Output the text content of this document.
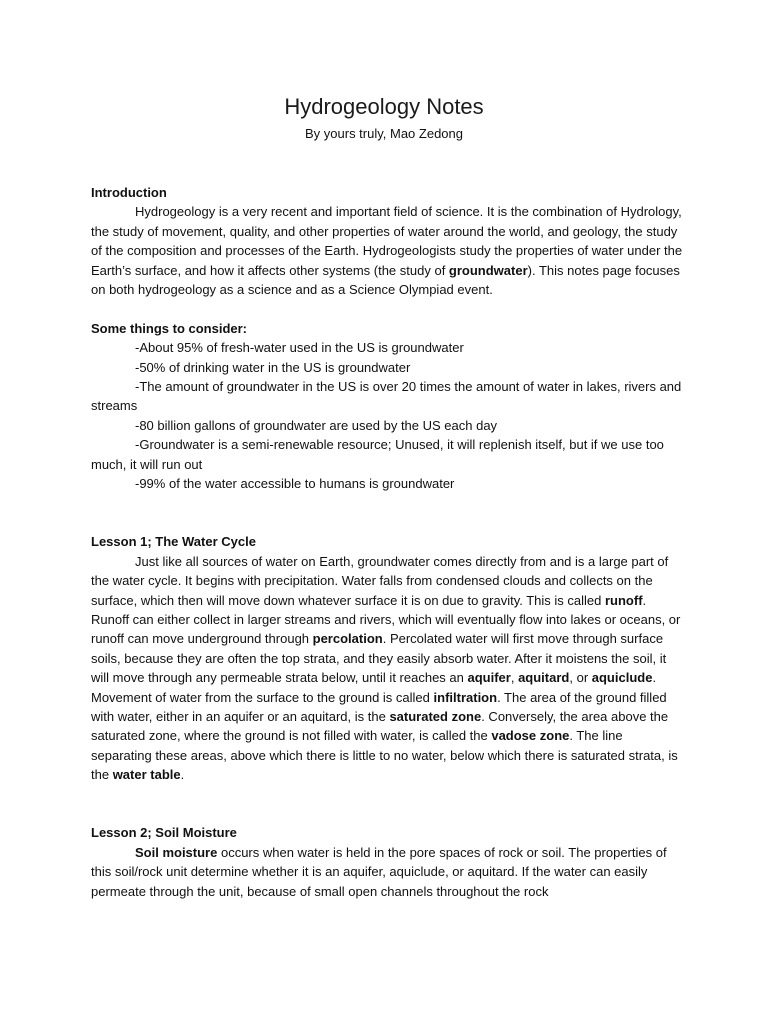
Hydrogeology Notes
By yours truly, Mao Zedong
Introduction

Hydrogeology is a very recent and important field of science. It is the combination of Hydrology, the study of movement, quality, and other properties of water around the world, and geology, the study of the composition and processes of the Earth. Hydrogeologists study the properties of water under the Earth’s surface, and how it affects other systems (the study of groundwater). This notes page focuses on both hydrogeology as a science and as a Science Olympiad event.

Some things to consider:

-About 95% of fresh-water used in the US is groundwater

-50% of drinking water in the US is groundwater

-The amount of groundwater in the US is over 20 times the amount of water in lakes, rivers and streams

-80 billion gallons of groundwater are used by the US each day

-Groundwater is a semi-renewable resource; Unused, it will replenish itself, but if we use too much, it will run out

-99% of the water accessible to humans is groundwater

Lesson 1; The Water Cycle

Just like all sources of water on Earth, groundwater comes directly from and is a large part of the water cycle. It begins with precipitation. Water falls from condensed clouds and collects on the surface, which then will move down whatever surface it is on due to gravity. This is called runoff. Runoff can either collect in larger streams and rivers, which will eventually flow into lakes or oceans, or runoff can move underground through percolation. Percolated water will first move through surface soils, because they are often the top strata, and they easily absorb water. After it moistens the soil, it will move through any permeable strata below, until it reaches an aquifer, aquitard, or aquiclude. Movement of water from the surface to the ground is called infiltration. The area of the ground filled with water, either in an aquifer or an aquitard, is the saturated zone. Conversely, the area above the saturated zone, where the ground is not filled with water, is called the vadose zone. The line separating these areas, above which there is little to no water, below which there is saturated strata, is the water table.

Lesson 2; Soil Moisture

Soil moisture occurs when water is held in the pore spaces of rock or soil. The properties of this soil/rock unit determine whether it is an aquifer, aquiclude, or aquitard. If the water can easily permeate through the unit, because of small open channels throughout the rock
